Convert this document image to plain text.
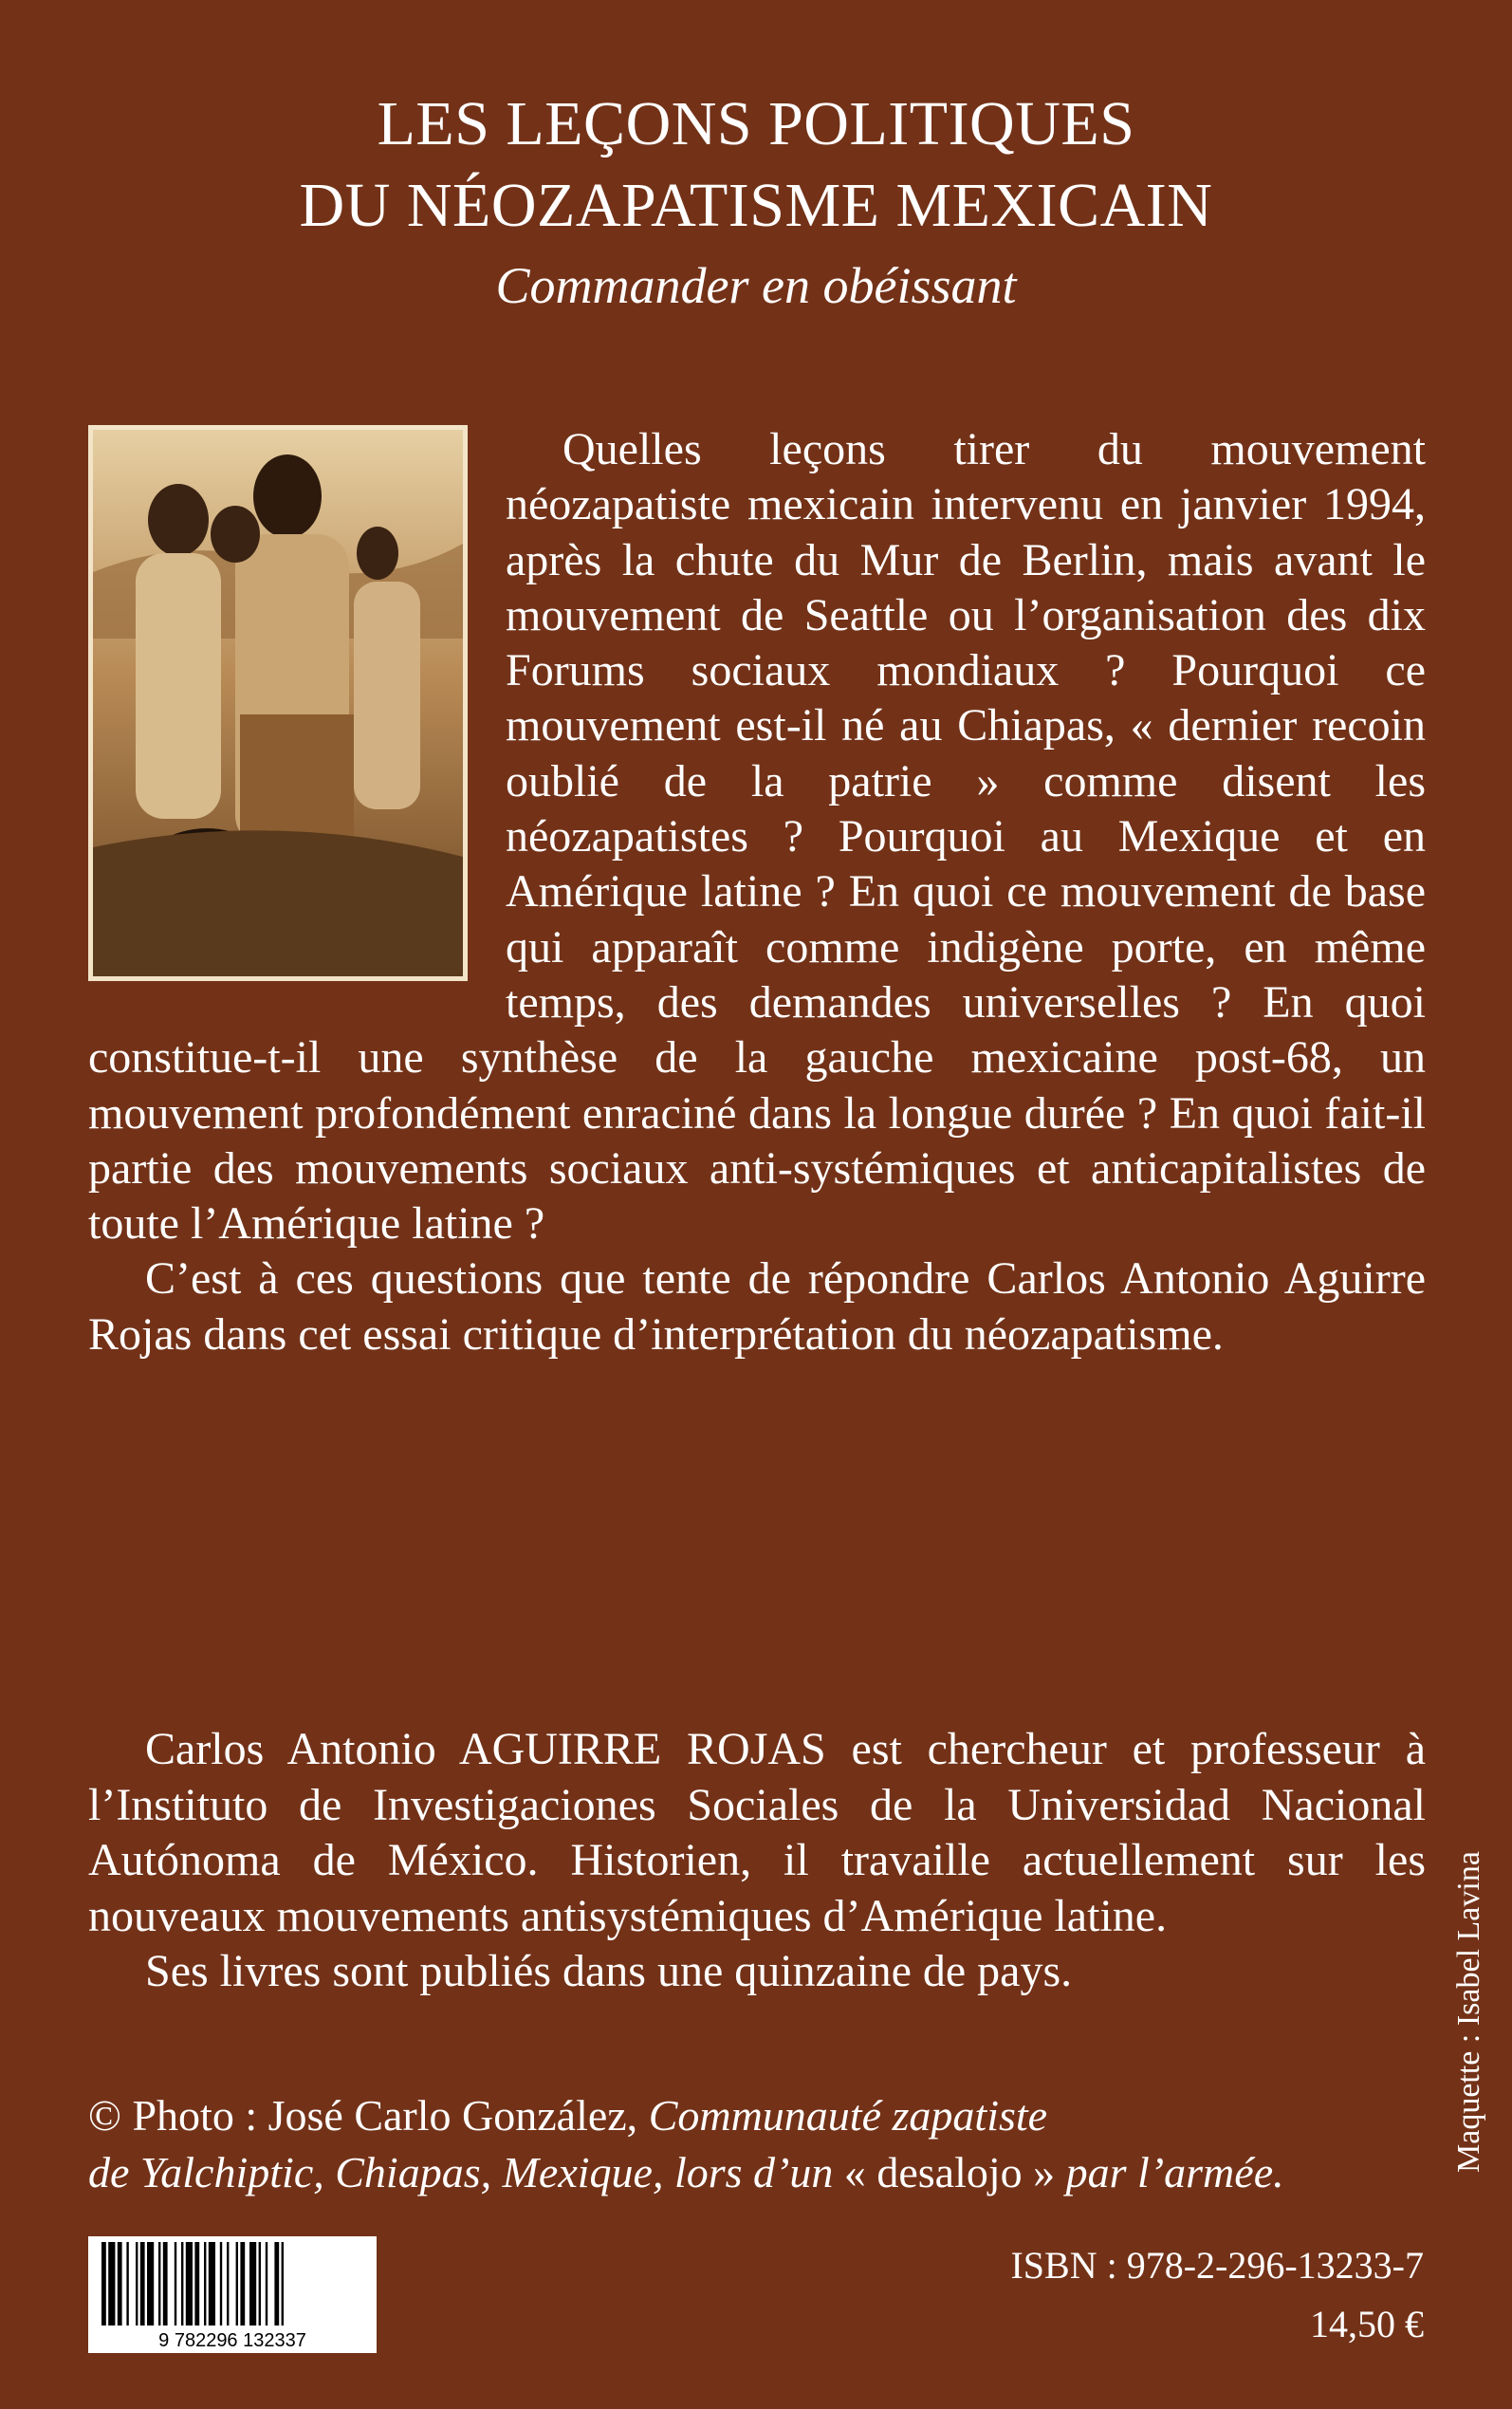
LES LEÇONS POLITIQUES
DU NÉOZAPATISME MEXICAIN
Commander en obéissant

Quelles leçons tirer du mouvement néozapatiste mexicain intervenu en janvier 1994, après la chute du Mur de Berlin, mais avant le mouvement de Seattle ou l’organisation des dix Forums sociaux mondiaux ? Pourquoi ce mouvement est-il né au Chiapas, « dernier recoin oublié de la patrie » comme disent les néozapatistes ? Pourquoi au Mexique et en Amérique latine ? En quoi ce mouvement de base qui apparaît comme indigène porte, en même temps, des demandes universelles ? En quoi constitue-t-il une synthèse de la gauche mexicaine post-68, un mouvement profondément enraciné dans la longue durée ? En quoi fait-il partie des mouvements sociaux anti-systémiques et anticapitalistes de toute l’Amérique latine ?

C’est à ces questions que tente de répondre Carlos Antonio Aguirre Rojas dans cet essai critique d’interprétation du néozapatisme.

Carlos Antonio AGUIRRE ROJAS est chercheur et professeur à l’Instituto de Investigaciones Sociales de la Universidad Nacional Autónoma de México. Historien, il travaille actuellement sur les nouveaux mouvements antisystémiques d’Amérique latine.

Ses livres sont publiés dans une quinzaine de pays.

© Photo : José Carlo González, Communauté zapatiste
de Yalchiptic, Chiapas, Mexique, lors d’un « desalojo » par l’armée.	Maquette : Isabel Lavina
9 782296 132337
ISBN : 978-2-296-13233-7
14,50 €
